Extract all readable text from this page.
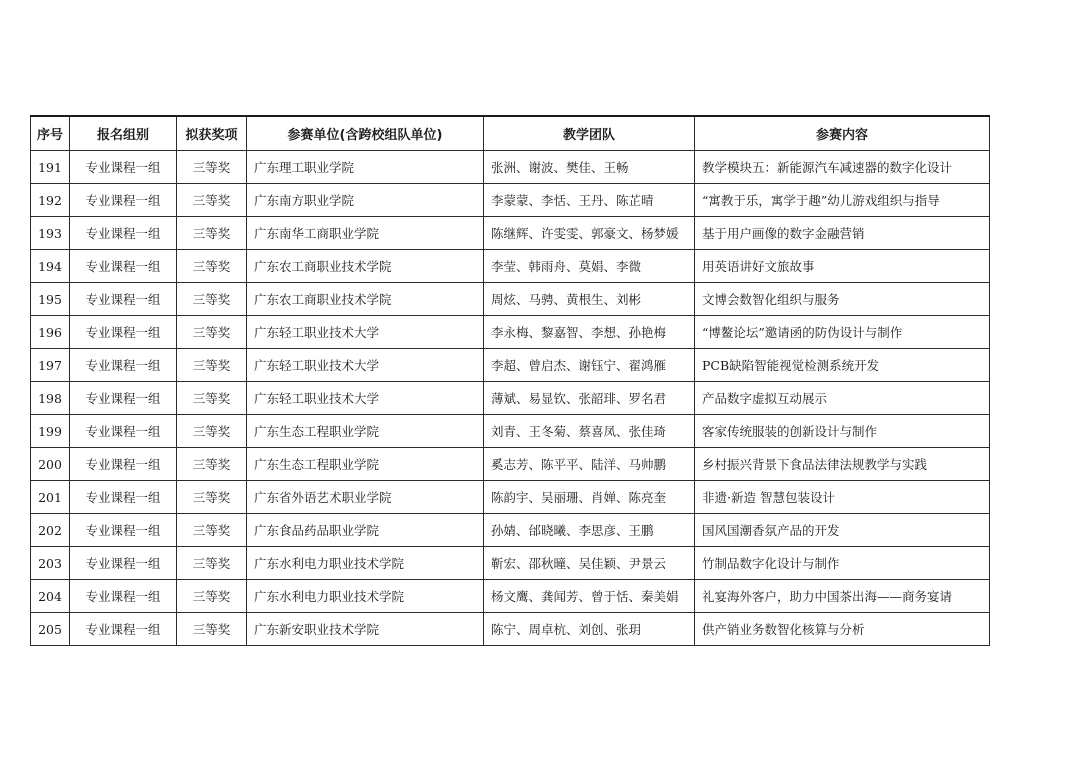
序号	报名组别	拟获奖项	参赛单位(含跨校组队单位)	教学团队	参赛内容
191	专业课程一组	三等奖	广东理工职业学院	张洲、谢波、樊佳、王畅	教学模块五：新能源汽车减速器的数字化设计
192	专业课程一组	三等奖	广东南方职业学院	李蒙蒙、李恬、王丹、陈芷晴	“寓教于乐，寓学于趣”幼儿游戏组织与指导
193	专业课程一组	三等奖	广东南华工商职业学院	陈继辉、许雯雯、郭豪文、杨梦媛	基于用户画像的数字金融营销
194	专业课程一组	三等奖	广东农工商职业技术学院	李莹、韩雨舟、莫娟、李微	用英语讲好文旅故事
195	专业课程一组	三等奖	广东农工商职业技术学院	周炫、马骋、黄根生、刘彬	文博会数智化组织与服务
196	专业课程一组	三等奖	广东轻工职业技术大学	李永梅、黎嘉智、李想、孙艳梅	“博鳌论坛”邀请函的防伪设计与制作
197	专业课程一组	三等奖	广东轻工职业技术大学	李超、曾启杰、谢钰宁、翟鸿雁	PCB缺陷智能视觉检测系统开发
198	专业课程一组	三等奖	广东轻工职业技术大学	薄斌、易显钦、张韶琲、罗名君	产品数字虚拟互动展示
199	专业课程一组	三等奖	广东生态工程职业学院	刘青、王冬菊、蔡喜凤、张佳琦	客家传统服装的创新设计与制作
200	专业课程一组	三等奖	广东生态工程职业学院	奚志芳、陈平平、陆洋、马帅鹏	乡村振兴背景下食品法律法规教学与实践
201	专业课程一组	三等奖	广东省外语艺术职业学院	陈韵宇、吴丽珊、肖婵、陈亮奎	非遗·新造 智慧包装设计
202	专业课程一组	三等奖	广东食品药品职业学院	孙婧、邰晓曦、李思彦、王鹏	国风国潮香氛产品的开发
203	专业课程一组	三等奖	广东水利电力职业技术学院	靳宏、邵秋曈、吴佳颖、尹景云	竹制品数字化设计与制作
204	专业课程一组	三等奖	广东水利电力职业技术学院	杨文鹰、龚闻芳、曾于恬、秦美娟	礼宴海外客户，助力中国茶出海——商务宴请
205	专业课程一组	三等奖	广东新安职业技术学院	陈宁、周卓杭、刘创、张玥	供产销业务数智化核算与分析
